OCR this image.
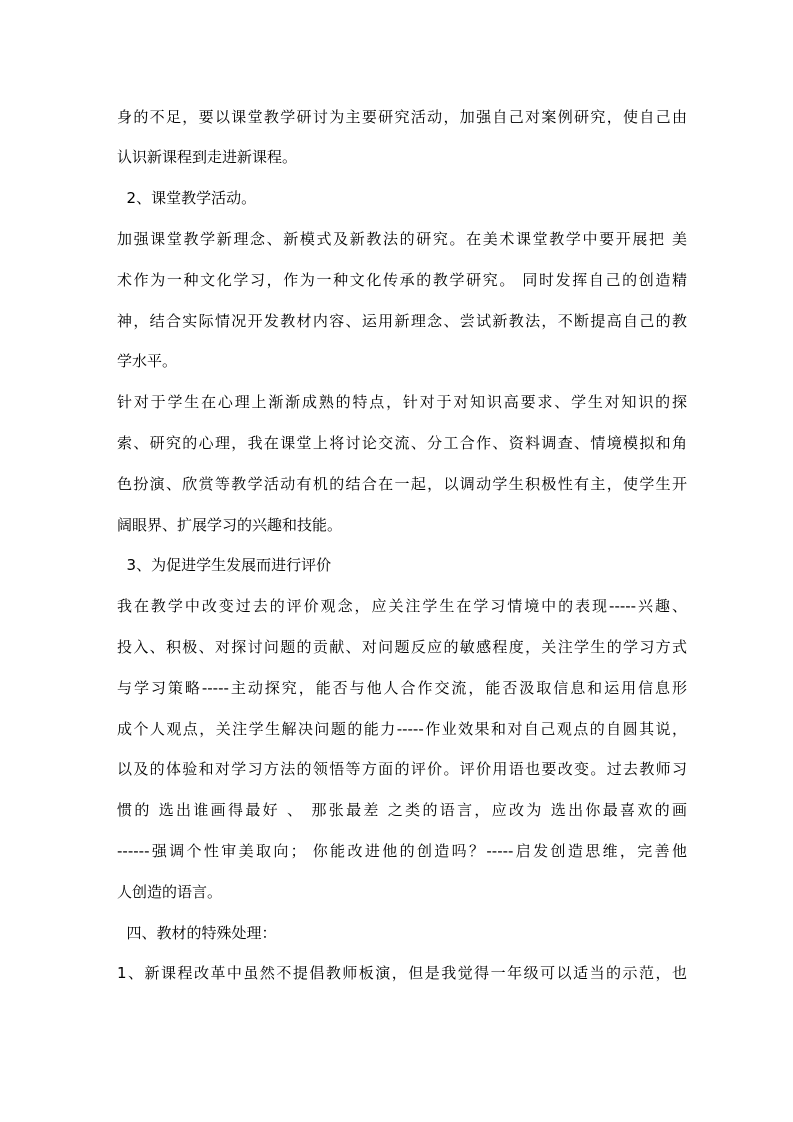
身的不足，要以课堂教学研讨为主要研究活动，加强自己对案例研究，使自己由
认识新课程到走进新课程。
2、课堂教学活动。
加强课堂教学新理念、新模式及新教法的研究。在美术课堂教学中要开展把 美
术作为一种文化学习，作为一种文化传承的教学研究。 同时发挥自己的创造精
神，结合实际情况开发教材内容、运用新理念、尝试新教法，不断提高自己的教
学水平。
针对于学生在心理上渐渐成熟的特点，针对于对知识高要求、学生对知识的探
索、研究的心理，我在课堂上将讨论交流、分工合作、资料调查、情境模拟和角
色扮演、欣赏等教学活动有机的结合在一起，以调动学生积极性有主，使学生开
阔眼界、扩展学习的兴趣和技能。
3、为促进学生发展而进行评价
我在教学中改变过去的评价观念，应关注学生在学习情境中的表现-----兴趣、
投入、积极、对探讨问题的贡献、对问题反应的敏感程度，关注学生的学习方式
与学习策略-----主动探究，能否与他人合作交流，能否汲取信息和运用信息形
成个人观点，关注学生解决问题的能力-----作业效果和对自己观点的自圆其说，
以及的体验和对学习方法的领悟等方面的评价。评价用语也要改变。过去教师习
惯的 选出谁画得最好 、 那张最差 之类的语言，应改为 选出你最喜欢的画
------强调个性审美取向； 你能改进他的创造吗？-----启发创造思维，完善他
人创造的语言。
四、教材的特殊处理：
1、新课程改革中虽然不提倡教师板演，但是我觉得一年级可以适当的示范，也
